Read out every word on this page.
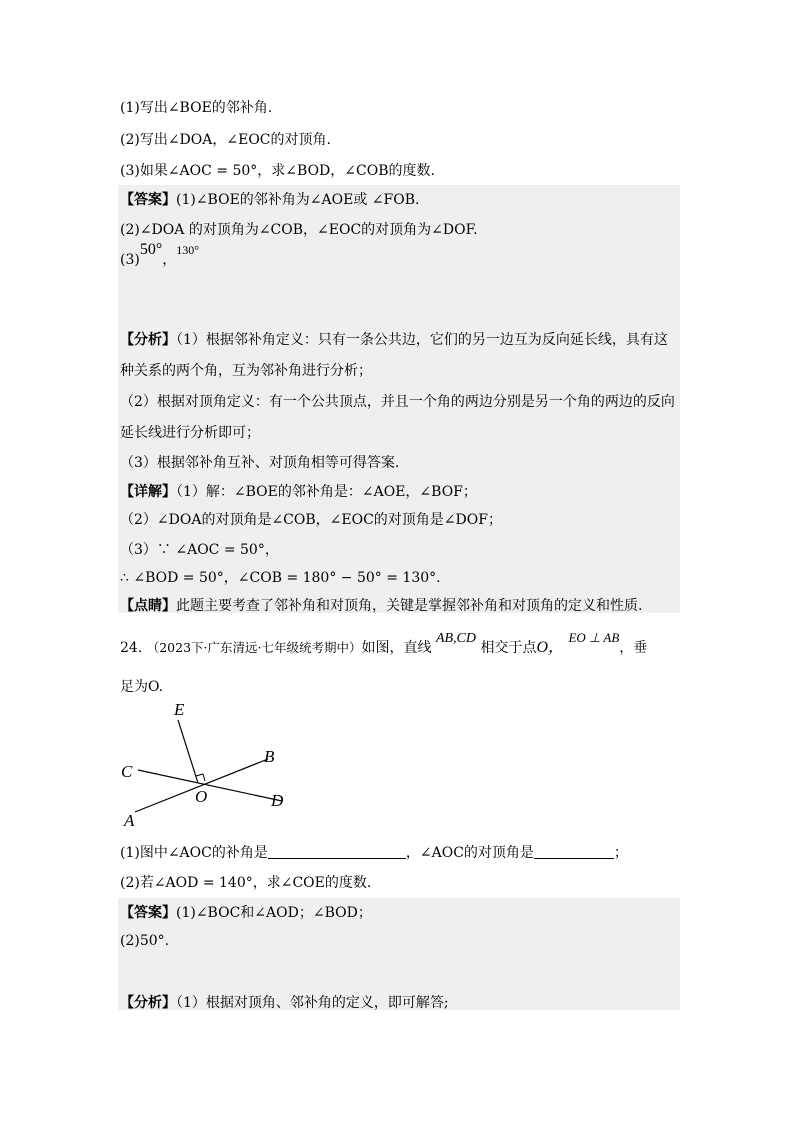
(1)写出∠BOE的邻补角.
(2)写出∠DOA，∠EOC的对顶角.
(3)如果∠AOC = 50°，求∠BOD，∠COB的度数.
【答案】(1)∠BOE的邻补角为∠AOE或 ∠FOB.
(2)∠DOA 的对顶角为∠COB，∠EOC的对顶角为∠DOF.
(3)50°，130°
【分析】（1）根据邻补角定义：只有一条公共边，它们的另一边互为反向延长线，具有这
种关系的两个角，互为邻补角进行分析；
（2）根据对顶角定义：有一个公共顶点，并且一个角的两边分别是另一个角的两边的反向
延长线进行分析即可；
（3）根据邻补角互补、对顶角相等可得答案.
【详解】（1）解：∠BOE的邻补角是：∠AOE，∠BOF；
（2）∠DOA的对顶角是∠COB，∠EOC的对顶角是∠DOF；
（3）∵ ∠AOC = 50°，
∴ ∠BOD = 50°，∠COB = 180° − 50° = 130°.
【点睛】此题主要考查了邻补角和对顶角，关键是掌握邻补角和对顶角的定义和性质.
24. （2023下·广东清远·七年级统考期中）如图，直线 AB,CD 相交于点O， EO ⊥ AB，垂
足为O.
E
B
C
O	D
A
(1)图中∠AOC的补角是	，∠AOC的对顶角是	；
(2)若∠AOD = 140°，求∠COE的度数.
【答案】(1)∠BOC和∠AOD；∠BOD；
(2)50°.
【分析】（1）根据对顶角、邻补角的定义，即可解答;
